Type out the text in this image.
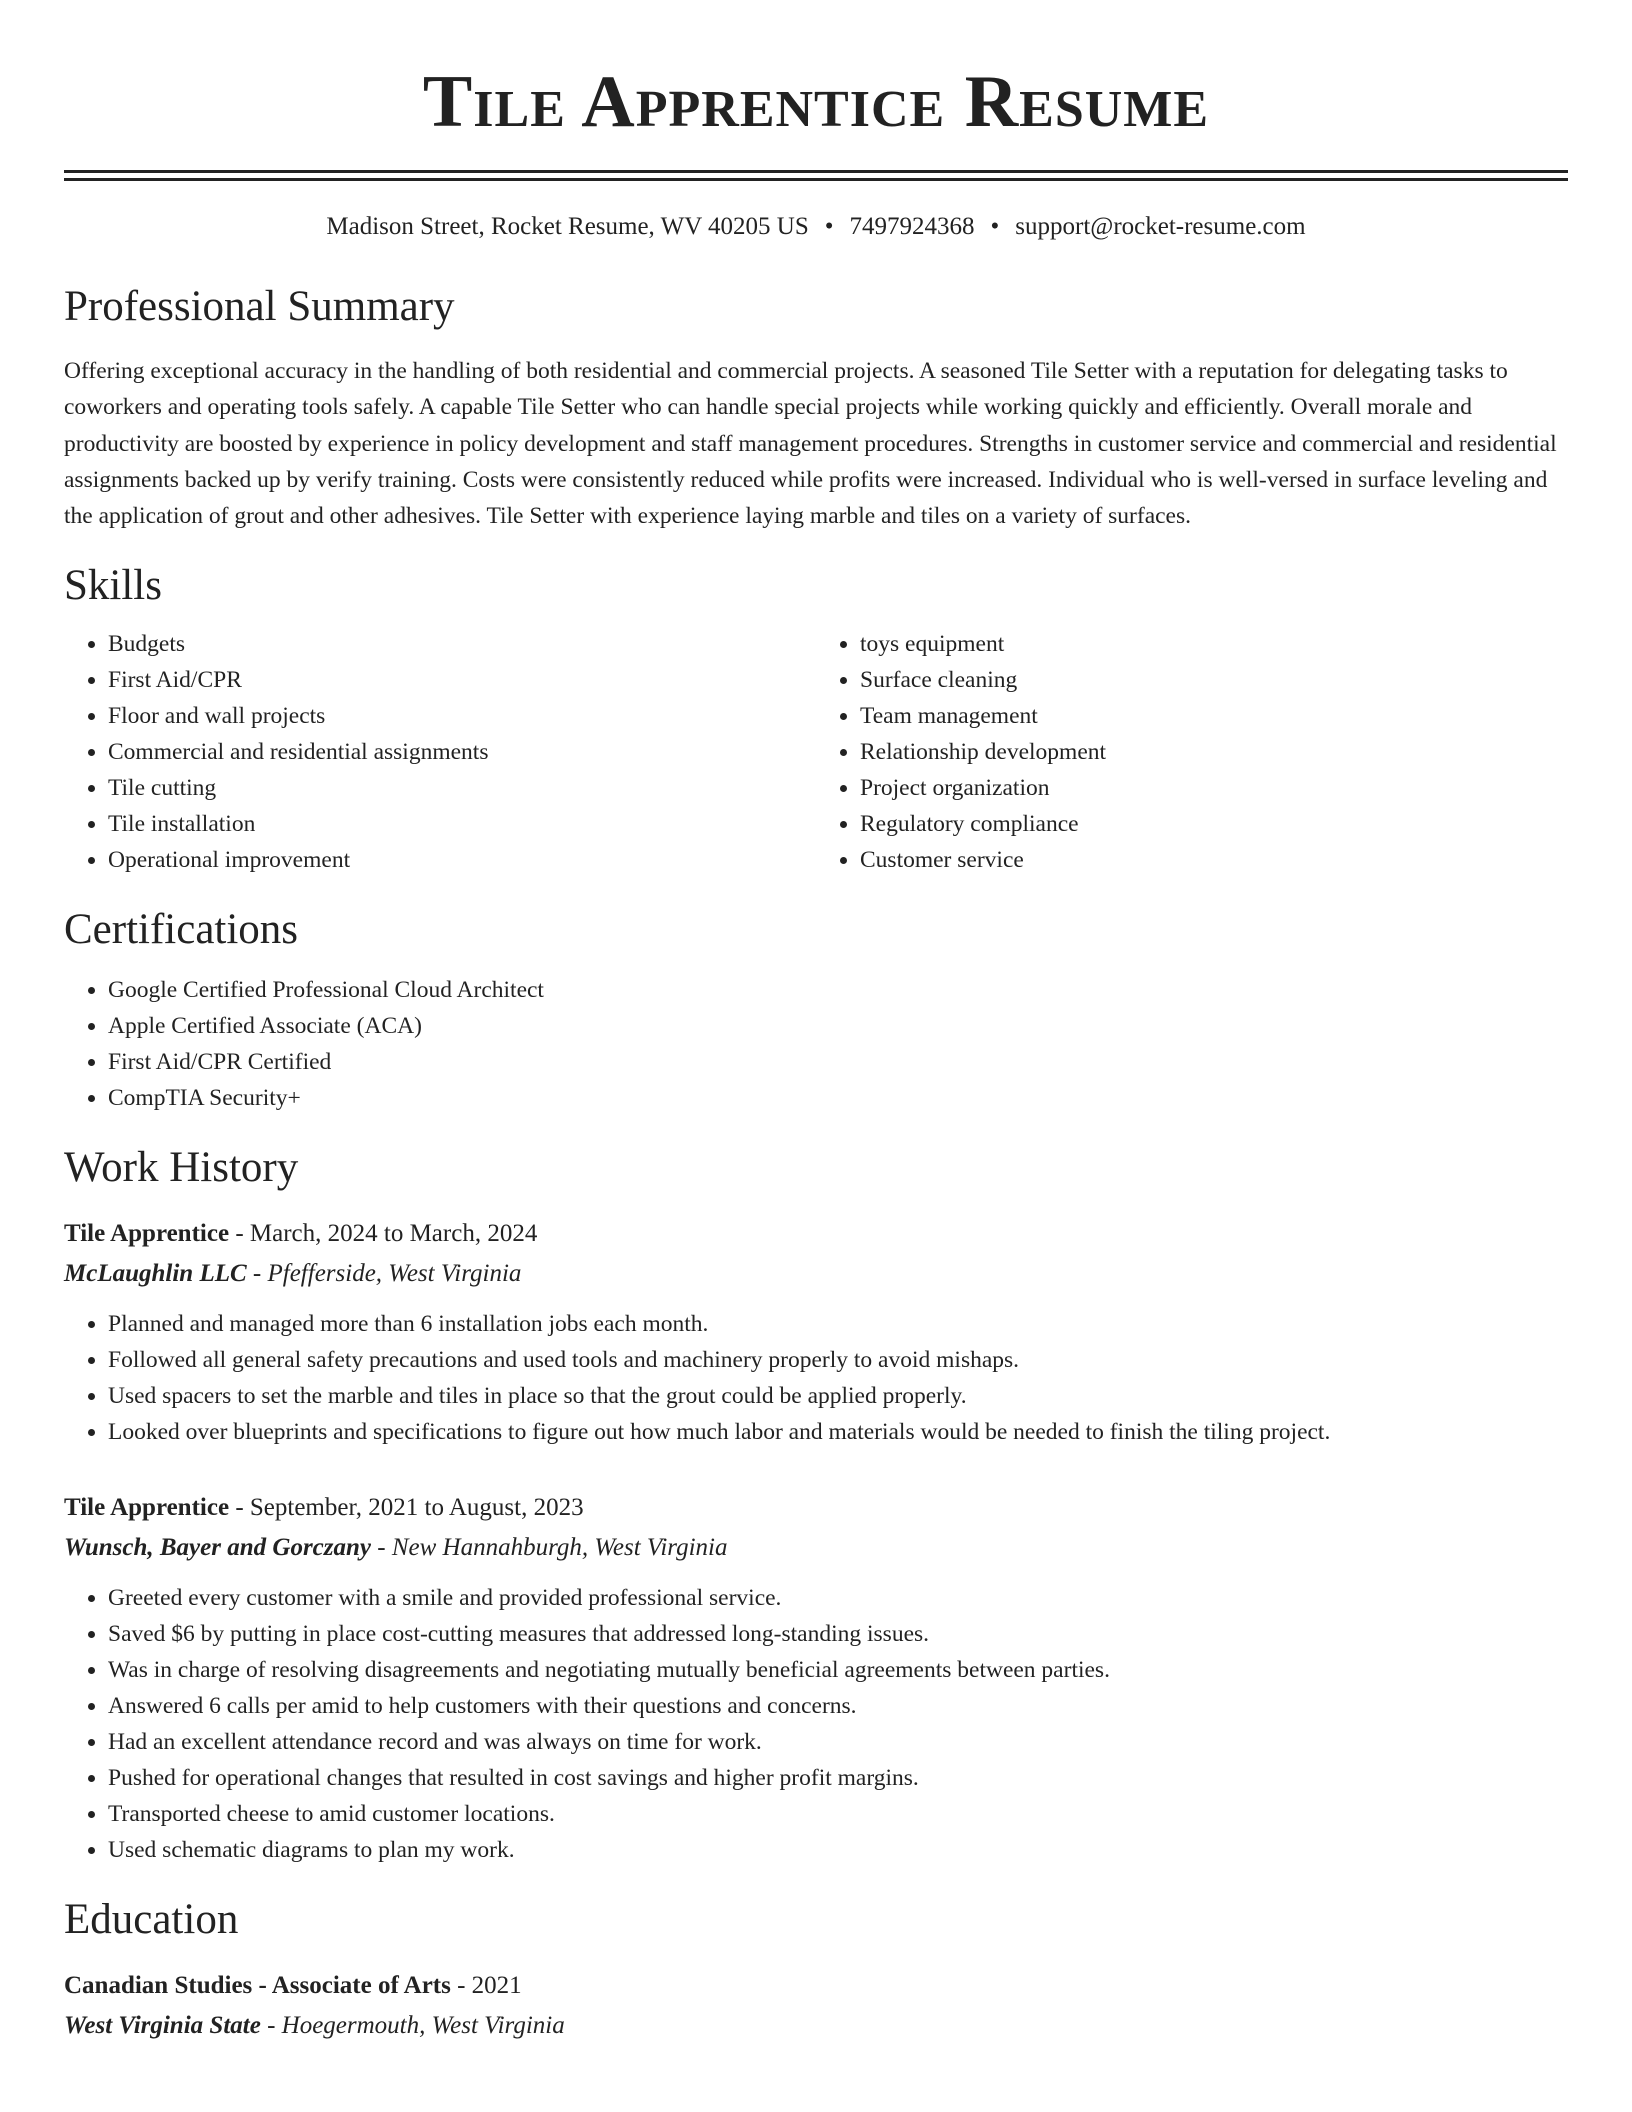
Tile Apprentice Resume
Madison Street, Rocket Resume, WV 40205 US • 7497924368 • support@rocket-resume.com
Professional Summary

Offering exceptional accuracy in the handling of both residential and commercial projects. A seasoned Tile Setter with a reputation for delegating tasks to coworkers and operating tools safely. A capable Tile Setter who can handle special projects while working quickly and efficiently. Overall morale and productivity are boosted by experience in policy development and staff management procedures. Strengths in customer service and commercial and residential assignments backed up by verify training. Costs were consistently reduced while profits were increased. Individual who is well-versed in surface leveling and the application of grout and other adhesives. Tile Setter with experience laying marble and tiles on a variety of surfaces.

Skills
• Budgets
• First Aid/CPR
• Floor and wall projects
• Commercial and residential assignments
• Tile cutting
• Tile installation
• Operational improvement
• toys equipment
• Surface cleaning
• Team management
• Relationship development
• Project organization
• Regulatory compliance
• Customer service
Certifications
• Google Certified Professional Cloud Architect
• Apple Certified Associate (ACA)
• First Aid/CPR Certified
• CompTIA Security+
Work History
Tile Apprentice - March, 2024 to March, 2024
McLaughlin LLC - Pfefferside, West Virginia
• Planned and managed more than 6 installation jobs each month.
• Followed all general safety precautions and used tools and machinery properly to avoid mishaps.
• Used spacers to set the marble and tiles in place so that the grout could be applied properly.
• Looked over blueprints and specifications to figure out how much labor and materials would be needed to finish the tiling project.
Tile Apprentice - September, 2021 to August, 2023
Wunsch, Bayer and Gorczany - New Hannahburgh, West Virginia
• Greeted every customer with a smile and provided professional service.
• Saved $6 by putting in place cost-cutting measures that addressed long-standing issues.
• Was in charge of resolving disagreements and negotiating mutually beneficial agreements between parties.
• Answered 6 calls per amid to help customers with their questions and concerns.
• Had an excellent attendance record and was always on time for work.
• Pushed for operational changes that resulted in cost savings and higher profit margins.
• Transported cheese to amid customer locations.
• Used schematic diagrams to plan my work.
Education
Canadian Studies - Associate of Arts - 2021
West Virginia State - Hoegermouth, West Virginia
